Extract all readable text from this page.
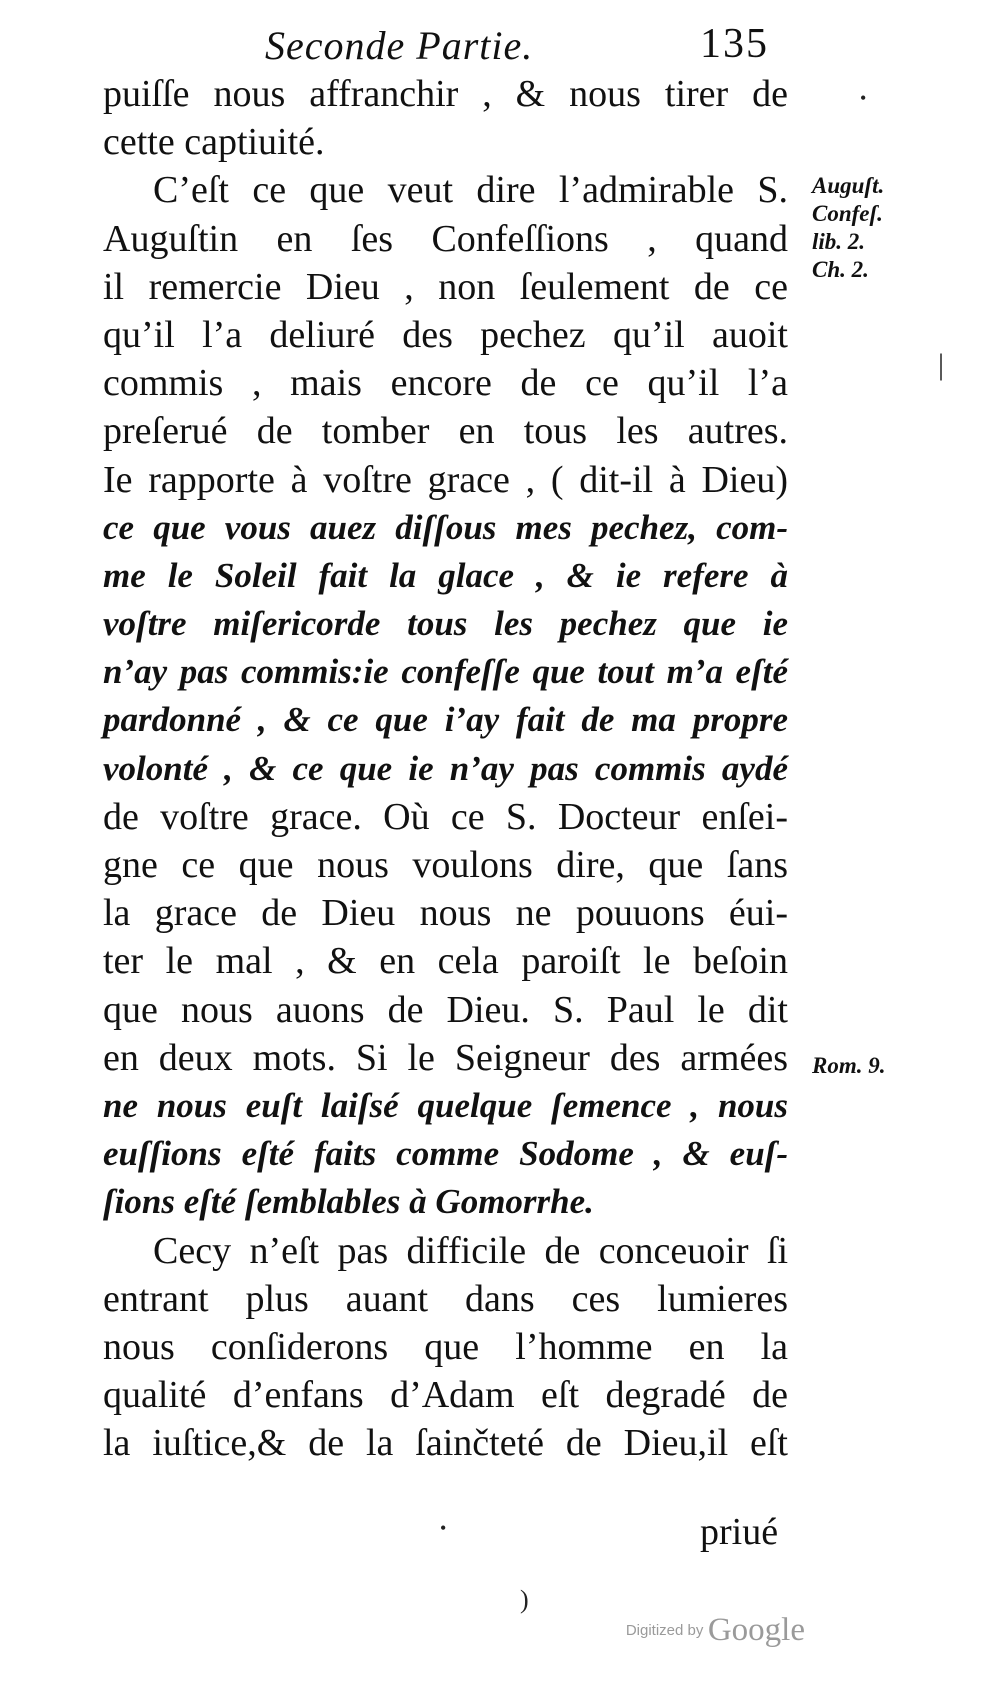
Seconde Partie.	135
puiſſe nous affranchir , & nous tirer de
cette captiuité.
C’eſt ce que veut dire l’admirable S.
Auguſtin en ſes Confeſſions , quand
il remercie Dieu , non ſeulement de ce
qu’il l’a deliuré des pechez qu’il auoit
commis , mais encore de ce qu’il l’a
preſerué de tomber en tous les autres.
Ie rapporte à voſtre grace , ( dit-il à Dieu)
ce que vous auez diſſous mes pechez, com-
me le Soleil fait la glace , & ie refere à
voſtre miſericorde tous les pechez que ie
n’ay pas commis:ie confeſſe que tout m’a eſté
pardonné , & ce que i’ay fait de ma propre
volonté , & ce que ie n’ay pas commis aydé
de voſtre grace. Où ce S. Docteur enſei-
gne ce que nous voulons dire, que ſans
la grace de Dieu nous ne pouuons éui-
ter le mal , & en cela paroiſt le beſoin
que nous auons de Dieu. S. Paul le dit
en deux mots. Si le Seigneur des armées
ne nous euſt laiſsé quelque ſemence , nous
euſſions eſté faits comme Sodome , & euſ-
ſions eſté ſemblables à Gomorrhe.
Cecy n’eſt pas difficile de conceuoir ſi
entrant plus auant dans ces lumieres
nous conſiderons que l’homme en la
qualité d’enfans d’Adam eſt degradé de
la iuſtice,& de la ſainčteté de Dieu,il eſt
Auguſt.
Confeſ.
lib. 2.
Ch. 2.
Rom. 9.
priué
•
|
•
)
Digitized by Google
